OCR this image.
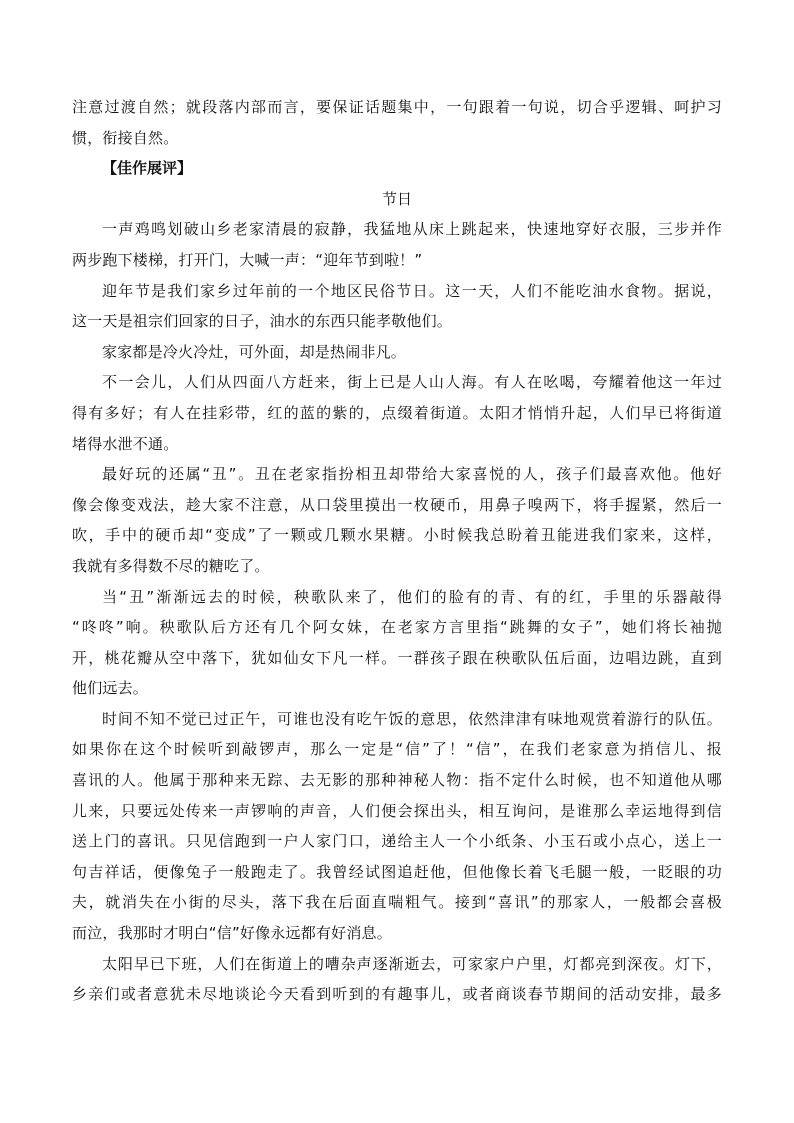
注意过渡自然；就段落内部而言，要保证话题集中，一句跟着一句说，切合乎逻辑、呵护习
惯，衔接自然。
【佳作展评】
节日
一声鸡鸣划破山乡老家清晨的寂静，我猛地从床上跳起来，快速地穿好衣服，三步并作
两步跑下楼梯，打开门，大喊一声：“迎年节到啦！”
迎年节是我们家乡过年前的一个地区民俗节日。这一天，人们不能吃油水食物。据说，
这一天是祖宗们回家的日子，油水的东西只能孝敬他们。
家家都是冷火冷灶，可外面，却是热闹非凡。
不一会儿，人们从四面八方赶来，街上已是人山人海。有人在吆喝，夸耀着他这一年过
得有多好；有人在挂彩带，红的蓝的紫的，点缀着街道。太阳才悄悄升起，人们早已将街道
堵得水泄不通。
最好玩的还属“丑”。丑在老家指扮相丑却带给大家喜悦的人，孩子们最喜欢他。他好
像会像变戏法，趁大家不注意，从口袋里摸出一枚硬币，用鼻子嗅两下，将手握紧，然后一
吹，手中的硬币却“变成”了一颗或几颗水果糖。小时候我总盼着丑能进我们家来，这样，
我就有多得数不尽的糖吃了。
当“丑”渐渐远去的时候，秧歌队来了，他们的脸有的青、有的红，手里的乐器敲得
“咚咚”响。秧歌队后方还有几个阿女妹，在老家方言里指“跳舞的女子”，她们将长袖抛
开，桃花瓣从空中落下，犹如仙女下凡一样。一群孩子跟在秧歌队伍后面，边唱边跳，直到
他们远去。
时间不知不觉已过正午，可谁也没有吃午饭的意思，依然津津有味地观赏着游行的队伍。
如果你在这个时候听到敲锣声，那么一定是“信”了！“信”，在我们老家意为捎信儿、报
喜讯的人。他属于那种来无踪、去无影的那种神秘人物：指不定什么时候，也不知道他从哪
儿来，只要远处传来一声锣响的声音，人们便会探出头，相互询问，是谁那么幸运地得到信
送上门的喜讯。只见信跑到一户人家门口，递给主人一个小纸条、小玉石或小点心，送上一
句吉祥话，便像兔子一般跑走了。我曾经试图追赶他，但他像长着飞毛腿一般，一眨眼的功
夫，就消失在小街的尽头，落下我在后面直喘粗气。接到“喜讯”的那家人，一般都会喜极
而泣，我那时才明白“信”好像永远都有好消息。
太阳早已下班，人们在街道上的嘈杂声逐渐逝去，可家家户户里，灯都亮到深夜。灯下，
乡亲们或者意犹未尽地谈论今天看到听到的有趣事儿，或者商谈春节期间的活动安排，最多
